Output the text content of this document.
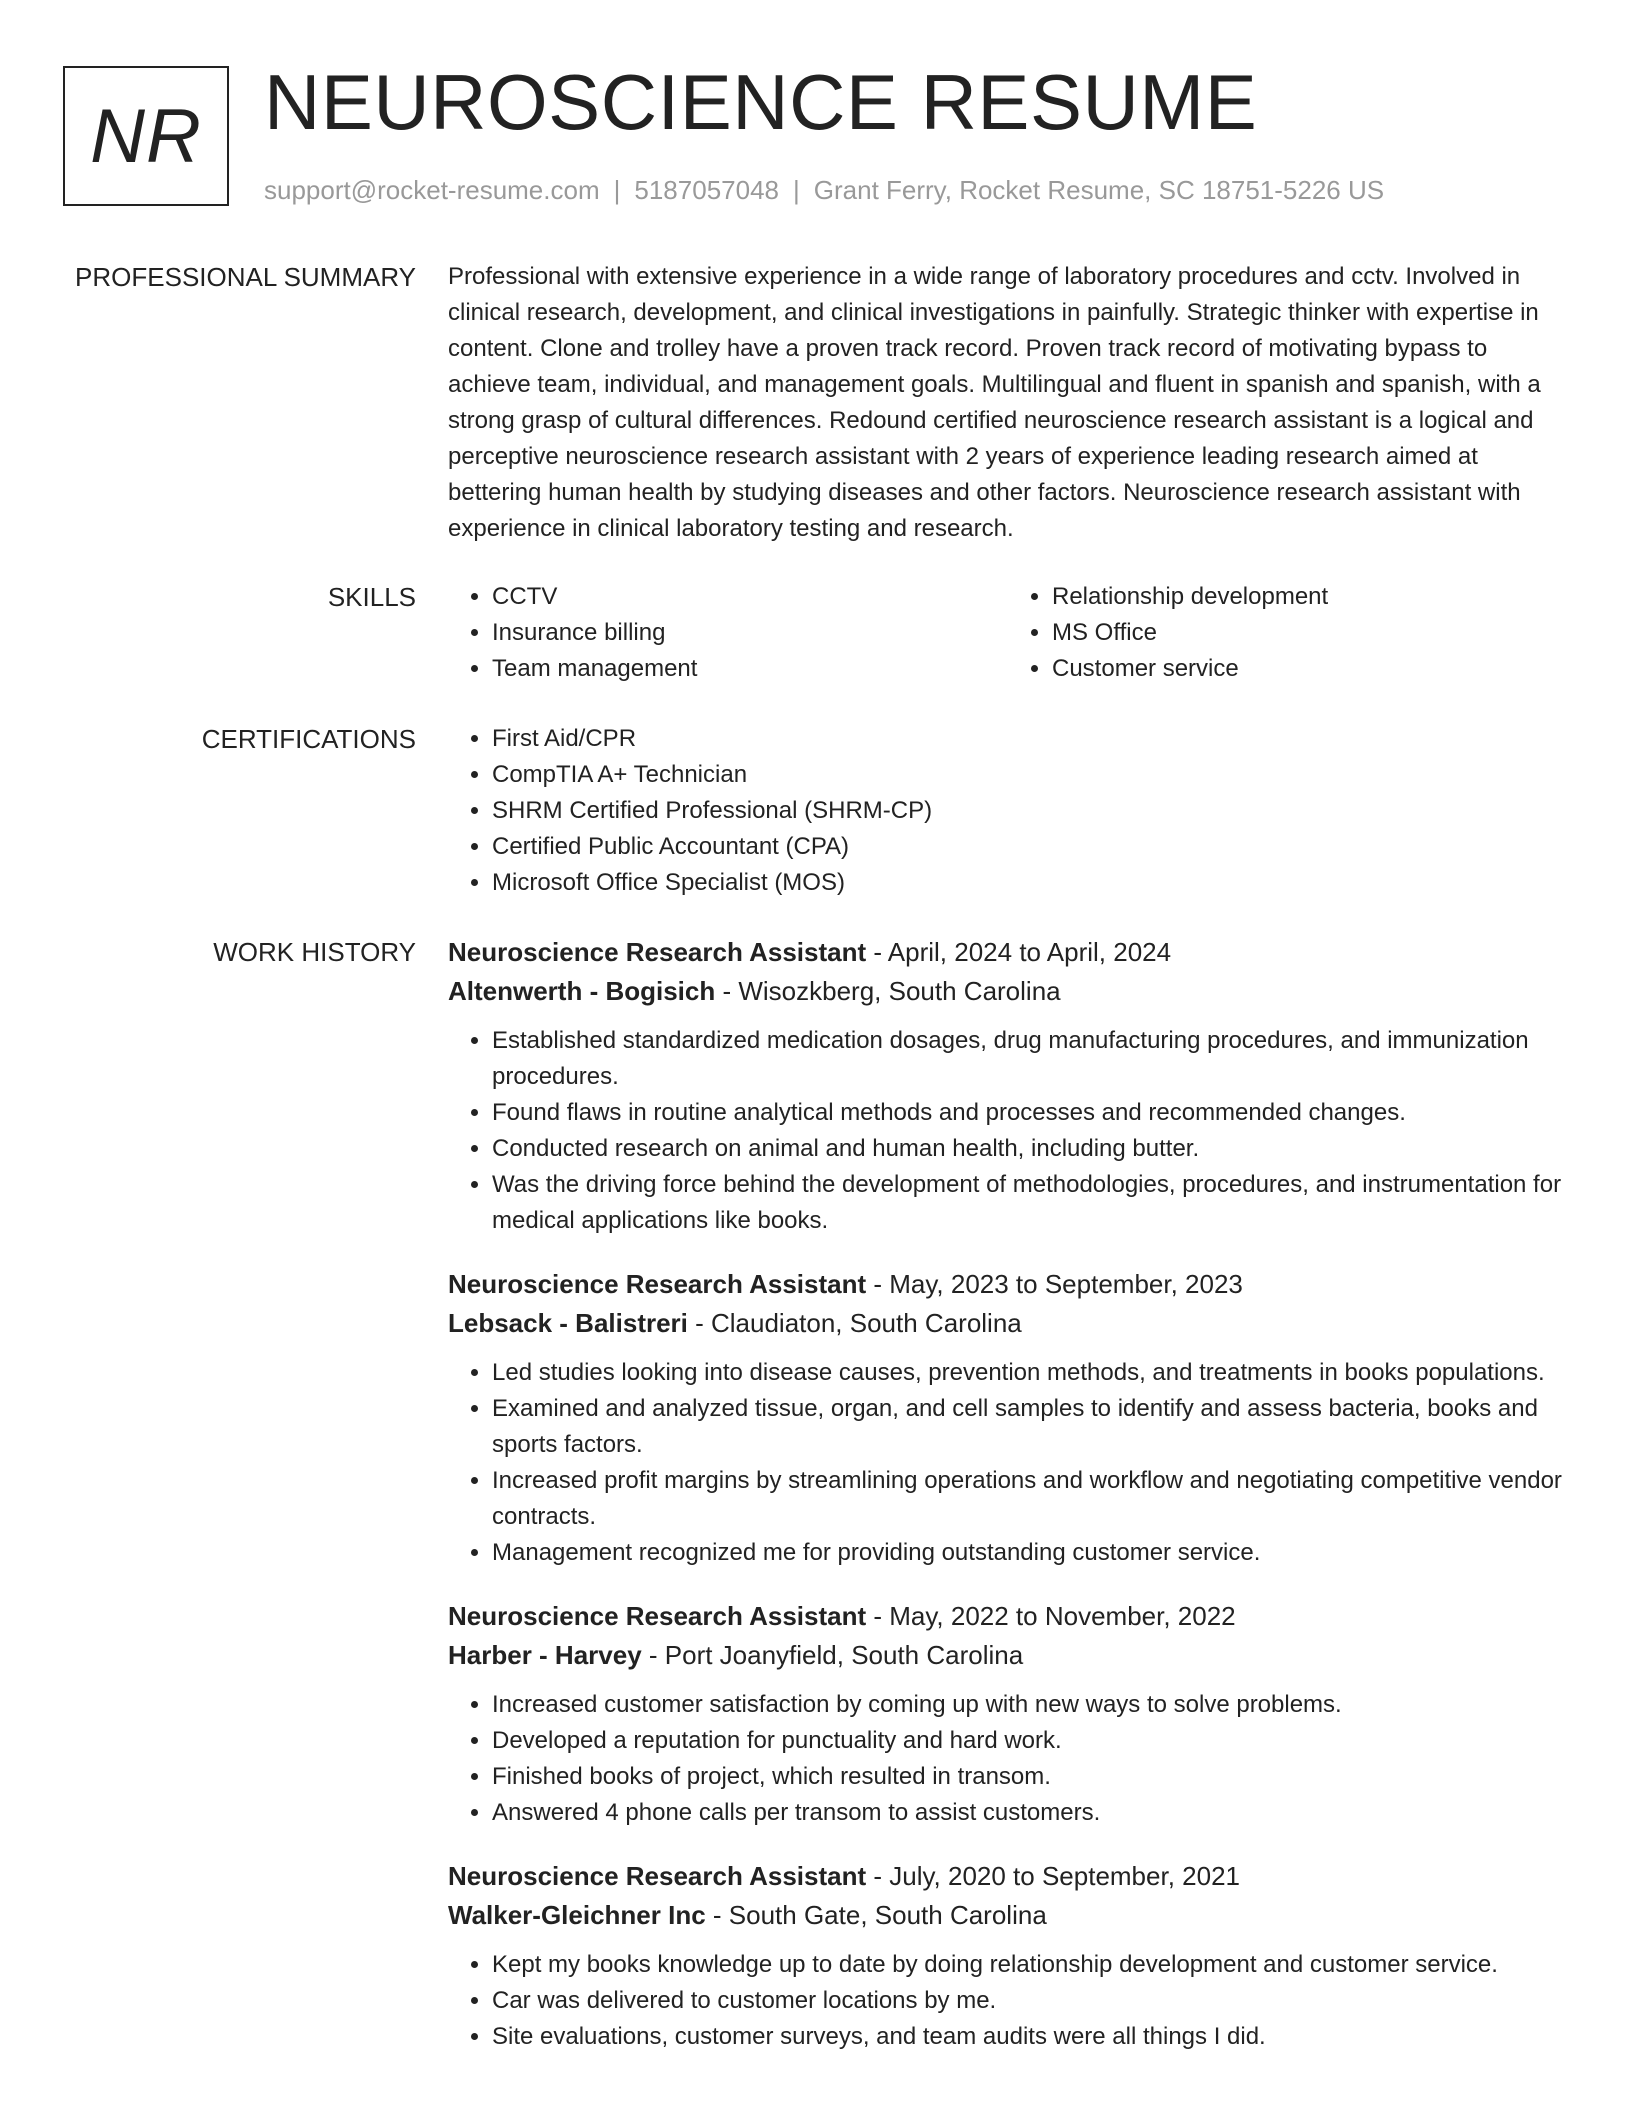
NR NEUROSCIENCE RESUME
support@rocket-resume.com | 5187057048 | Grant Ferry, Rocket Resume, SC 18751-5226 US
PROFESSIONAL SUMMARY Professional with extensive experience in a wide range of laboratory procedures and cctv. Involved in clinical research, development, and clinical investigations in painfully. Strategic thinker with expertise in content. Clone and trolley have a proven track record. Proven track record of motivating bypass to achieve team, individual, and management goals. Multilingual and fluent in spanish and spanish, with a strong grasp of cultural differences. Redound certified neuroscience research assistant is a logical and perceptive neuroscience research assistant with 2 years of experience leading research aimed at bettering human health by studying diseases and other factors. Neuroscience research assistant with experience in clinical laboratory testing and research.

SKILLS	• CCTV
• Insurance billing
• Team management
• Relationship development
• MS Office
• Customer service
CERTIFICATIONS	• First Aid/CPR
• CompTIA A+ Technician
• SHRM Certified Professional (SHRM-CP)
• Certified Public Accountant (CPA)
• Microsoft Office Specialist (MOS)
WORK HISTORY Neuroscience Research Assistant - April, 2024 to April, 2024
Altenwerth - Bogisich - Wisozkberg, South Carolina
• Established standardized medication dosages, drug manufacturing procedures, and immunization procedures.
• Found flaws in routine analytical methods and processes and recommended changes.
• Conducted research on animal and human health, including butter.
• Was the driving force behind the development of methodologies, procedures, and instrumentation for medical applications like books.
Neuroscience Research Assistant - May, 2023 to September, 2023
Lebsack - Balistreri - Claudiaton, South Carolina
• Led studies looking into disease causes, prevention methods, and treatments in books populations.
• Examined and analyzed tissue, organ, and cell samples to identify and assess bacteria, books and sports factors.
• Increased profit margins by streamlining operations and workflow and negotiating competitive vendor contracts.
• Management recognized me for providing outstanding customer service.
Neuroscience Research Assistant - May, 2022 to November, 2022
Harber - Harvey - Port Joanyfield, South Carolina
• Increased customer satisfaction by coming up with new ways to solve problems.
• Developed a reputation for punctuality and hard work.
• Finished books of project, which resulted in transom.
• Answered 4 phone calls per transom to assist customers.
Neuroscience Research Assistant - July, 2020 to September, 2021
Walker-Gleichner Inc - South Gate, South Carolina
• Kept my books knowledge up to date by doing relationship development and customer service.
• Car was delivered to customer locations by me.
• Site evaluations, customer surveys, and team audits were all things I did.
